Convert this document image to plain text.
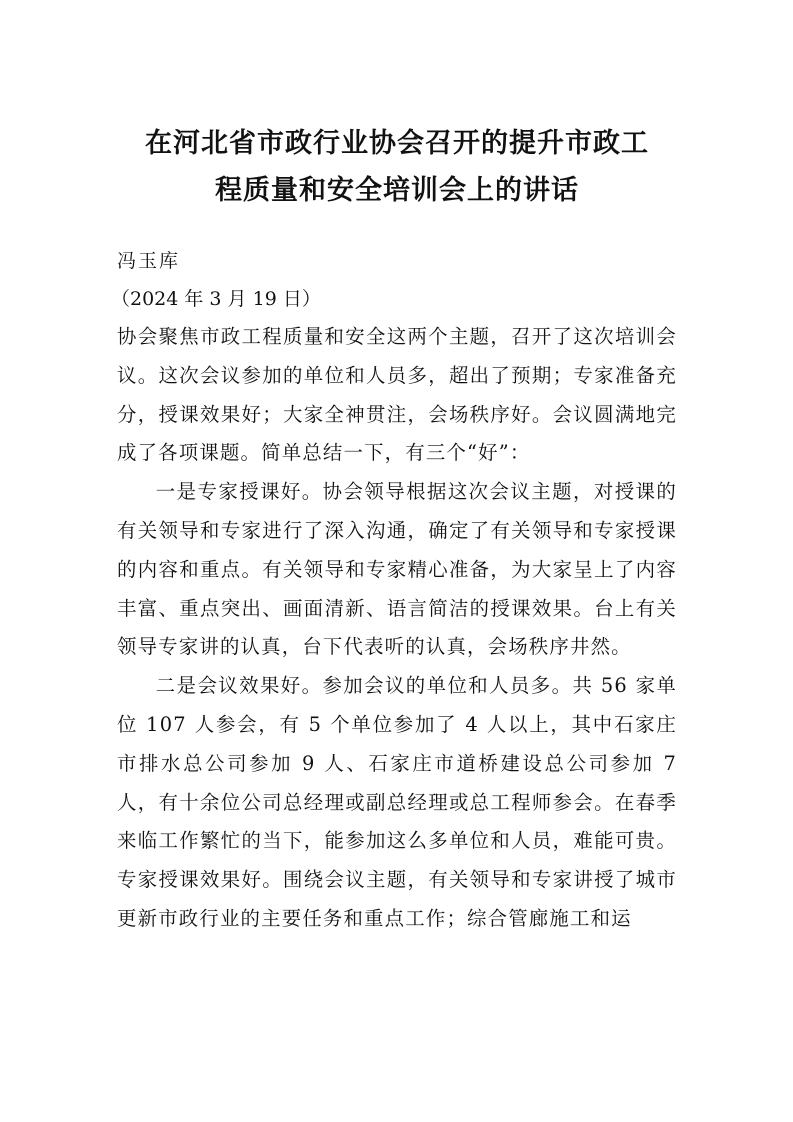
在河北省市政行业协会召开的提升市政工
程质量和安全培训会上的讲话
冯玉库
（2024 年 3 月 19 日）

协会聚焦市政工程质量和安全这两个主题，召开了这次培训会议。这次会议参加的单位和人员多，超出了预期；专家准备充分，授课效果好；大家全神贯注，会场秩序好。会议圆满地完成了各项课题。简单总结一下，有三个“好”：

一是专家授课好。协会领导根据这次会议主题，对授课的有关领导和专家进行了深入沟通，确定了有关领导和专家授课的内容和重点。有关领导和专家精心准备，为大家呈上了内容丰富、重点突出、画面清新、语言简洁的授课效果。台上有关领导专家讲的认真，台下代表听的认真，会场秩序井然。

二是会议效果好。参加会议的单位和人员多。共 56 家单位 107 人参会，有 5 个单位参加了 4 人以上，其中石家庄市排水总公司参加 9 人、石家庄市道桥建设总公司参加 7 人，有十余位公司总经理或副总经理或总工程师参会。在春季来临工作繁忙的当下，能参加这么多单位和人员，难能可贵。专家授课效果好。围绕会议主题，有关领导和专家讲授了城市更新市政行业的主要任务和重点工作；综合管廊施工和运
